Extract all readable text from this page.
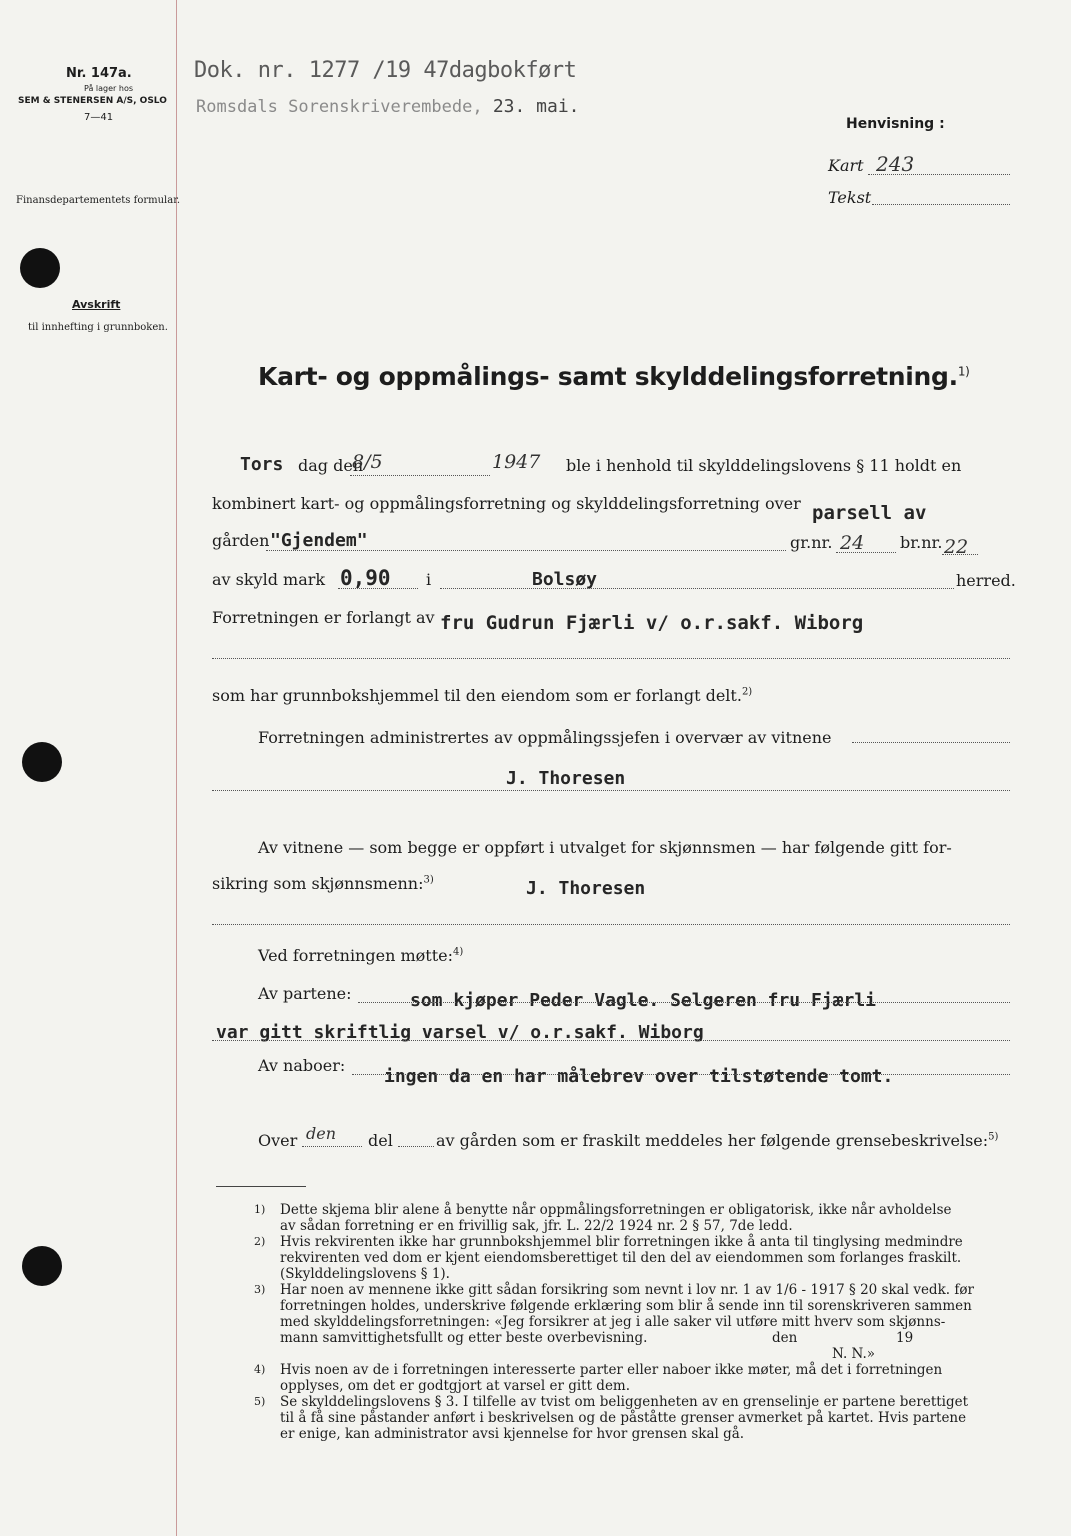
Nr. 147a.
På lager hos
SEM & STENERSEN A/S, OSLO
7—41
Finansdepartementets formular.
Avskrift
til innhefting i grunnboken.
Dok. nr. 1277 /19 47dagbokført
Romsdals Sorenskriverembede, 23. mai.
Henvisning :
Kart 243
Tekst
Kart- og oppmålings- samt skylddelingsforretning.$^{1)}$
Tors dag den
8/5	1947 ble i henhold til skylddelingslovens § 11 holdt en
kombinert kart- og oppmålingsforretning og skylddelingsforretning over parsell av
gården "Gjendem"	gr.nr. 24 br.nr. 22
av skyld mark 0,90 i	Bolsøy	herred.
Forretningen er forlangt av fru Gudrun Fjærli v/ o.r.sakf. Wiborg
som har grunnbokshjemmel til den eiendom som er forlangt delt.$^{2)}$
Forretningen administrertes av oppmålingssjefen i overvær av vitnene
J. Thoresen
Av vitnene — som begge er oppført i utvalget for skjønnsmen — har følgende gitt for-
sikring som skjønnsmenn:$^{3)}$	J. Thoresen
Ved forretningen møtte:$^{4)}$
Av partene:	som kjøper Peder Vagle. Selgeren fru Fjærli
var gitt skriftlig varsel v/ o.r.sakf. Wiborg
Av naboer:
ingen da en har målebrev over tilstøtende tomt.
Over den del	av gården som er fraskilt meddeles her følgende grensebeskrivelse:$^{5)}$
1) Dette skjema blir alene å benytte når oppmålingsforretningen er obligatorisk, ikke når avholdelse
av sådan forretning er en frivillig sak, jfr. L. 22/2 1924 nr. 2 § 57, 7de ledd.
2) Hvis rekvirenten ikke har grunnbokshjemmel blir forretningen ikke å anta til tinglysing medmindre
rekvirenten ved dom er kjent eiendomsberettiget til den del av eiendommen som forlanges fraskilt.
(Skylddelingslovens § 1).
3) Har noen av mennene ikke gitt sådan forsikring som nevnt i lov nr. 1 av 1/6 - 1917 § 20 skal vedk. før
forretningen holdes, underskrive følgende erklæring som blir å sende inn til sorenskriveren sammen
med skylddelingsforretningen: «Jeg forsikrer at jeg i alle saker vil utføre mitt hverv som skjønns-
mann samvittighetsfullt og etter beste overbevisning.	den	19
N. N.»
4) Hvis noen av de i forretningen interesserte parter eller naboer ikke møter, må det i forretningen
opplyses, om det er godtgjort at varsel er gitt dem.
5) Se skylddelingslovens § 3. I tilfelle av tvist om beliggenheten av en grenselinje er partene berettiget
til å få sine påstander anført i beskrivelsen og de påståtte grenser avmerket på kartet. Hvis partene
er enige, kan administrator avsi kjennelse for hvor grensen skal gå.
